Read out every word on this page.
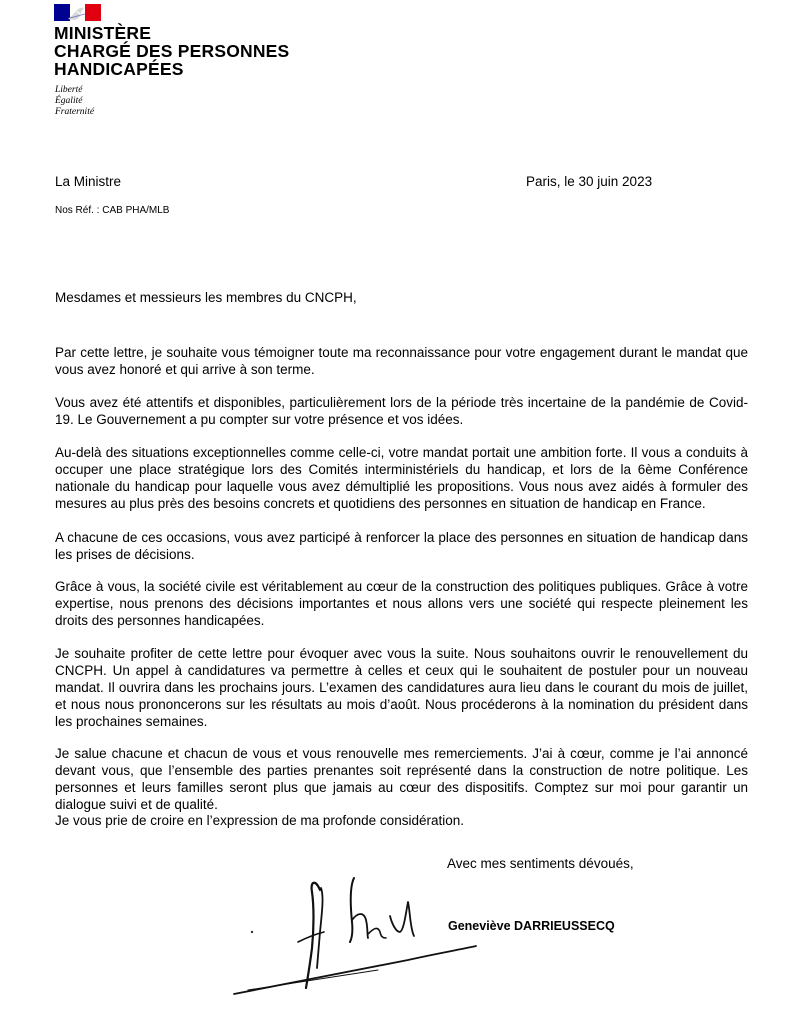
MINISTÈRE
CHARGÉ DES PERSONNES
HANDICAPÉES
Liberté
Égalité
Fraternité
La Ministre	Paris, le 30 juin 2023
Nos Réf. : CAB PHA/MLB
Mesdames et messieurs les membres du CNCPH,

Par cette lettre, je souhaite vous témoigner toute ma reconnaissance pour votre engagement durant le mandat que vous avez honoré et qui arrive à son terme.

Vous avez été attentifs et disponibles, particulièrement lors de la période très incertaine de la pandémie de Covid-19. Le Gouvernement a pu compter sur votre présence et vos idées.

Au-delà des situations exceptionnelles comme celle-ci, votre mandat portait une ambition forte. Il vous a conduits à occuper une place stratégique lors des Comités interministériels du handicap, et lors de la 6ème Conférence nationale du handicap pour laquelle vous avez démultiplié les propositions. Vous nous avez aidés à formuler des mesures au plus près des besoins concrets et quotidiens des personnes en situation de handicap en France.

A chacune de ces occasions, vous avez participé à renforcer la place des personnes en situation de handicap dans les prises de décisions.

Grâce à vous, la société civile est véritablement au cœur de la construction des politiques publiques. Grâce à votre expertise, nous prenons des décisions importantes et nous allons vers une société qui respecte pleinement les droits des personnes handicapées.

Je souhaite profiter de cette lettre pour évoquer avec vous la suite. Nous souhaitons ouvrir le renouvellement du CNCPH. Un appel à candidatures va permettre à celles et ceux qui le souhaitent de postuler pour un nouveau mandat. Il ouvrira dans les prochains jours. L’examen des candidatures aura lieu dans le courant du mois de juillet, et nous nous prononcerons sur les résultats au mois d’août. Nous procéderons à la nomination du président dans les prochaines semaines.

Je salue chacune et chacun de vous et vous renouvelle mes remerciements. J’ai à cœur, comme je l’ai annoncé devant vous, que l’ensemble des parties prenantes soit représenté dans la construction de notre politique. Les personnes et leurs familles seront plus que jamais au cœur des dispositifs. Comptez sur moi pour garantir un dialogue suivi et de qualité.

Je vous prie de croire en l’expression de ma profonde considération.

Avec mes sentiments dévoués,
Geneviève DARRIEUSSECQ
